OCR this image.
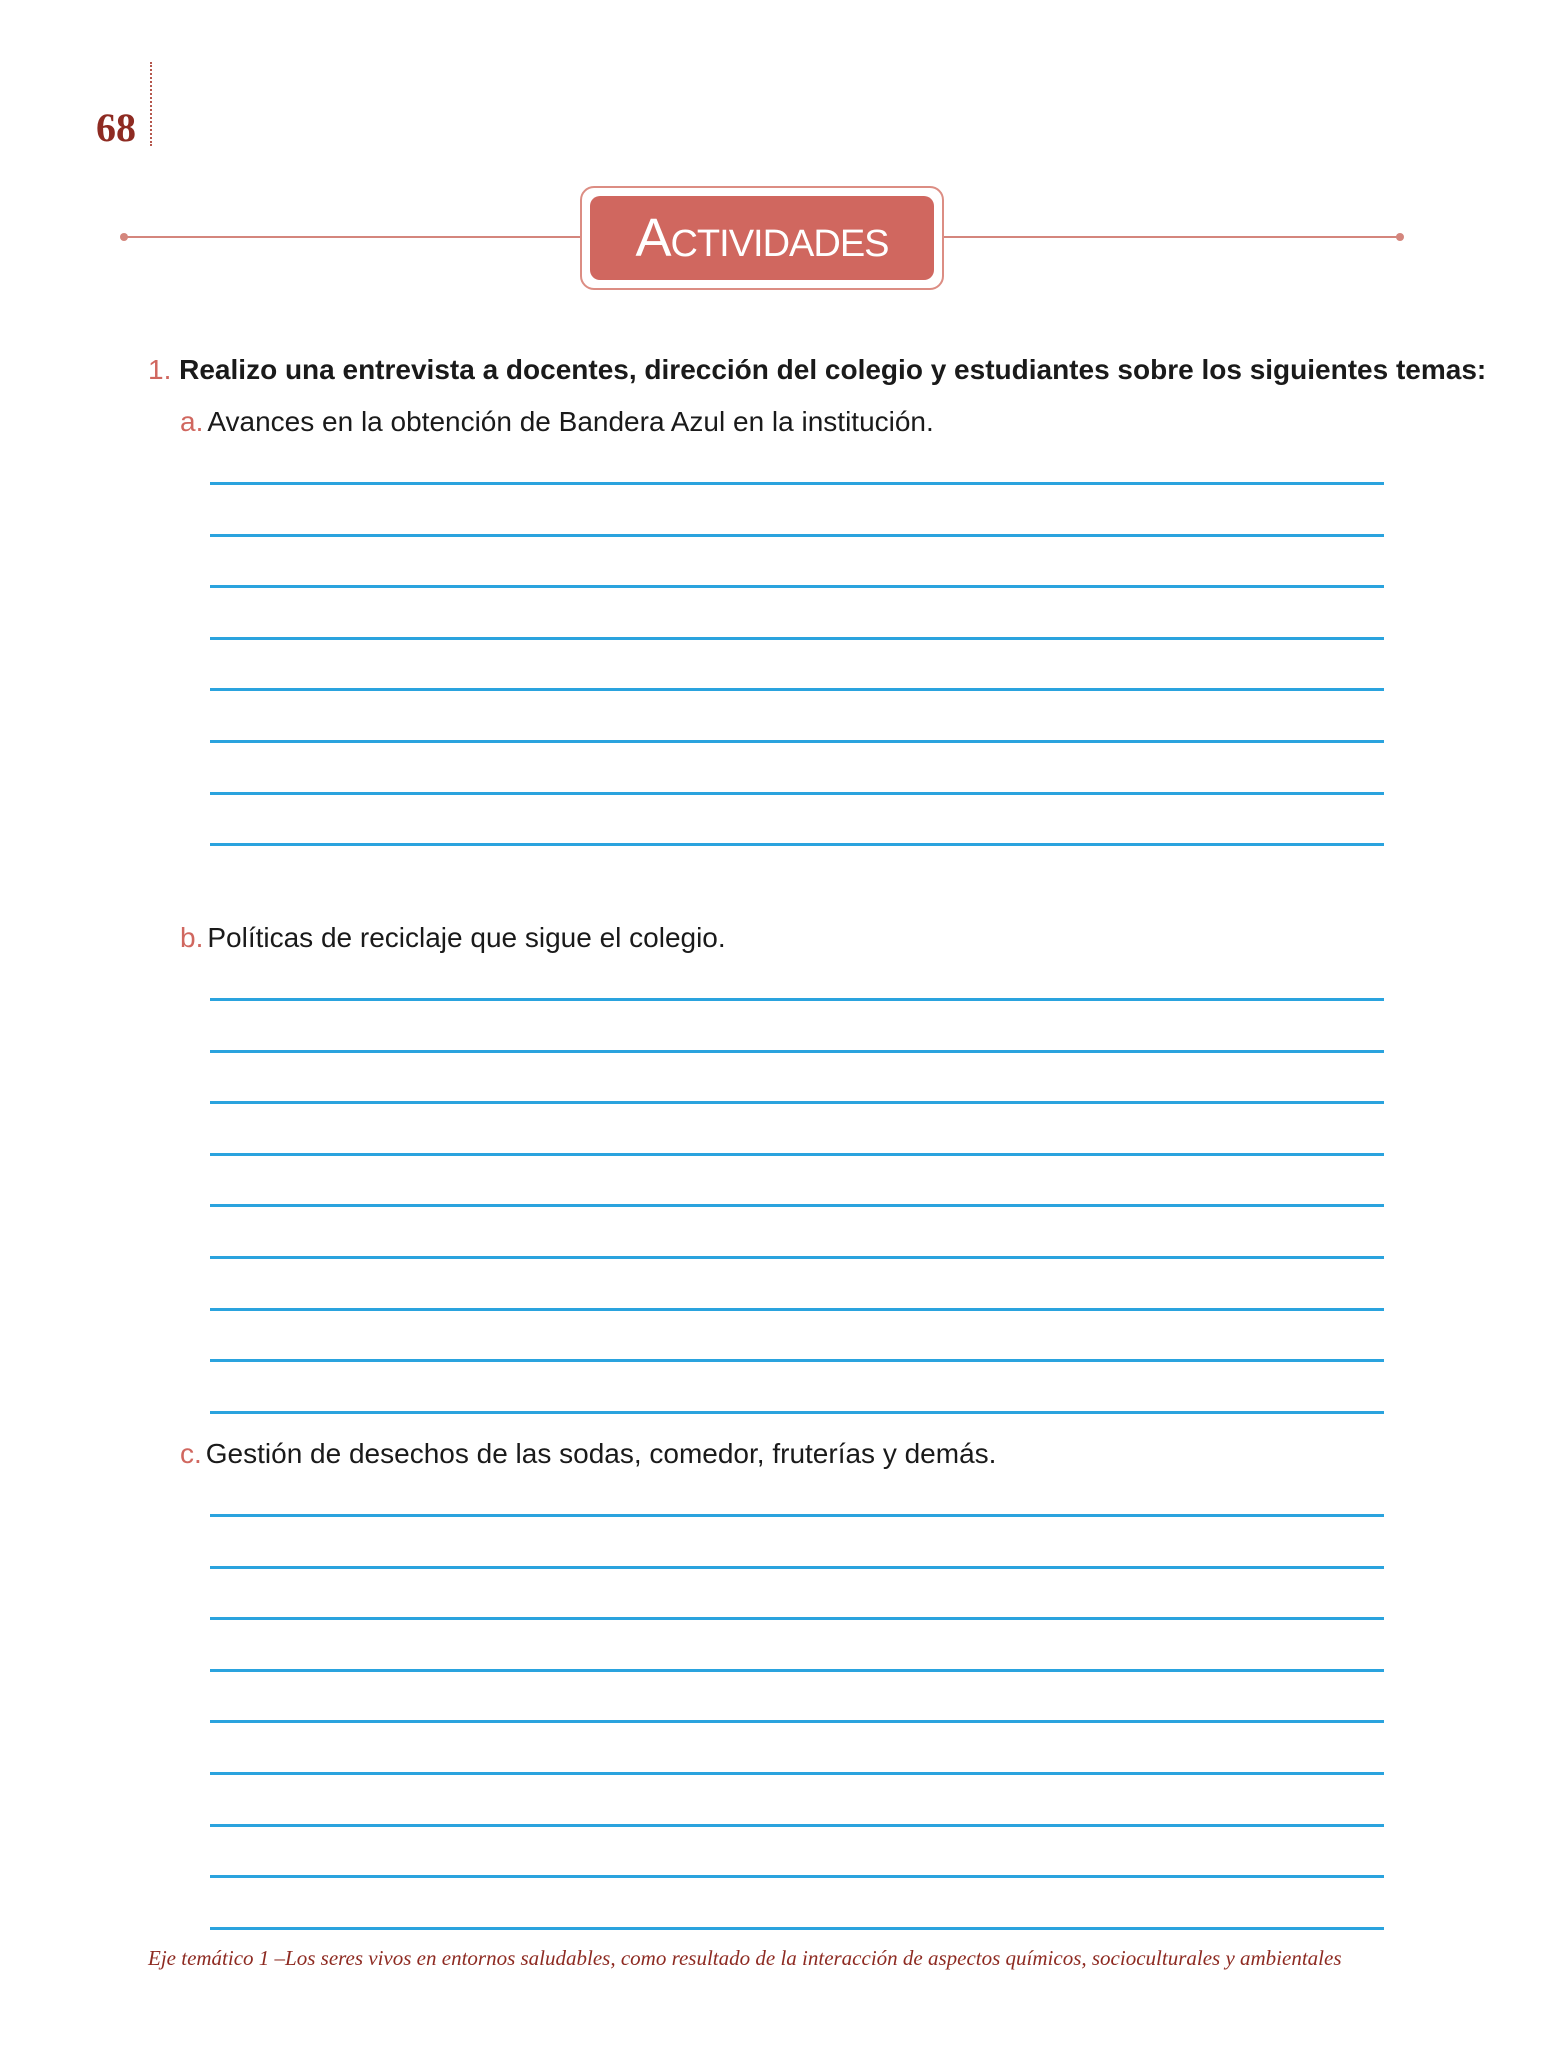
68
Actividades
1. Realizo una entrevista a docentes, dirección del colegio y estudiantes sobre los siguientes temas:
a. Avances en la obtención de Bandera Azul en la institución.
b. Políticas de reciclaje que sigue el colegio.
c. Gestión de desechos de las sodas, comedor, fruterías y demás.

Eje temático 1 –Los seres vivos en entornos saludables, como resultado de la interacción de aspectos químicos, socioculturales y ambientales
